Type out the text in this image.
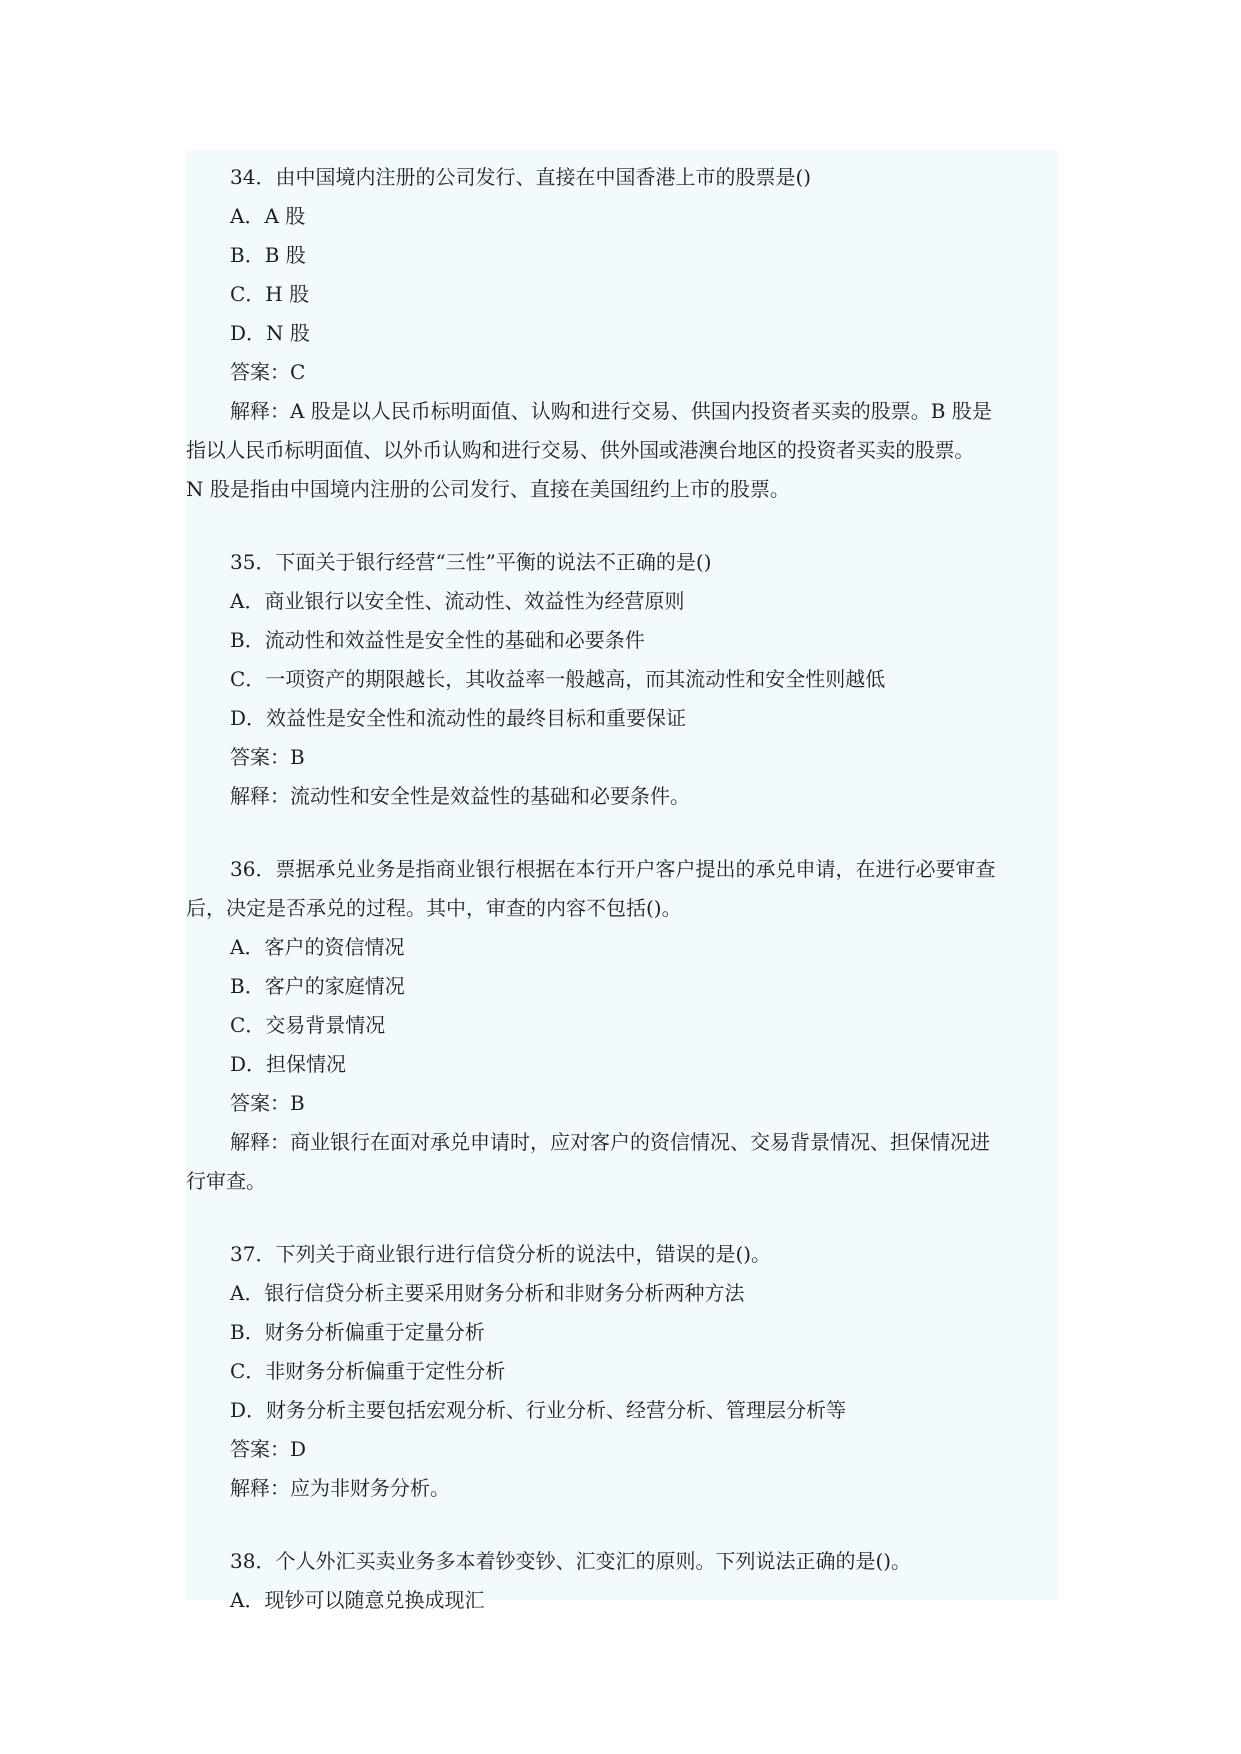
34．由中国境内注册的公司发行、直接在中国香港上市的股票是()
A．A 股
B．B 股
C．H 股
D．N 股
答案：C
解释：A 股是以人民币标明面值、认购和进行交易、供国内投资者买卖的股票。B 股是
指以人民币标明面值、以外币认购和进行交易、供外国或港澳台地区的投资者买卖的股票。
N 股是指由中国境内注册的公司发行、直接在美国纽约上市的股票。
35．下面关于银行经营“三性”平衡的说法不正确的是()
A．商业银行以安全性、流动性、效益性为经营原则
B．流动性和效益性是安全性的基础和必要条件
C．一项资产的期限越长，其收益率一般越高，而其流动性和安全性则越低
D．效益性是安全性和流动性的最终目标和重要保证
答案：B
解释：流动性和安全性是效益性的基础和必要条件。
36．票据承兑业务是指商业银行根据在本行开户客户提出的承兑申请，在进行必要审查
后，决定是否承兑的过程。其中，审查的内容不包括()。
A．客户的资信情况
B．客户的家庭情况
C．交易背景情况
D．担保情况
答案：B
解释：商业银行在面对承兑申请时，应对客户的资信情况、交易背景情况、担保情况进
行审查。
37．下列关于商业银行进行信贷分析的说法中，错误的是()。
A．银行信贷分析主要采用财务分析和非财务分析两种方法
B．财务分析偏重于定量分析
C．非财务分析偏重于定性分析
D．财务分析主要包括宏观分析、行业分析、经营分析、管理层分析等
答案：D
解释：应为非财务分析。
38．个人外汇买卖业务多本着钞变钞、汇变汇的原则。下列说法正确的是()。
A．现钞可以随意兑换成现汇
